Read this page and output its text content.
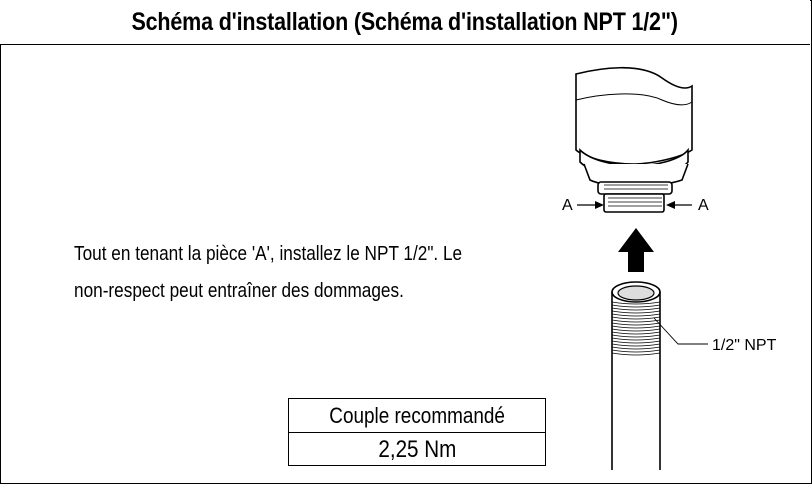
Schéma d'installation (Schéma d'installation NPT 1/2")
Tout en tenant la pièce 'A', installez le NPT 1/2". Le
non-respect peut entraîner des dommages.
Couple recommandé
2,25 Nm
A	A
1/2" NPT
